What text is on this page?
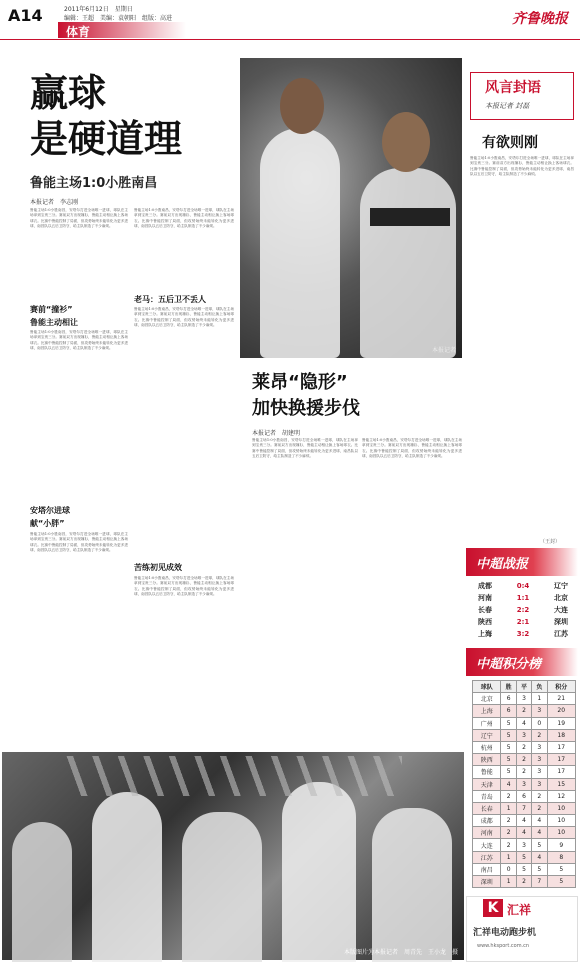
A14	2011年6月12日　星期日
编辑：王超　美编：袁朝阳　组版：高进
体育
齐鲁晚报
赢球
是硬道理
鲁能主场1:0小胜南昌
本报记者　李志刚
鲁能主场1:0小胜南昌，安塔尔打进全场唯一进球，球队在主场拿到宝贵三分。赛前双方出现撞衫，鲁能主动相让换上客场球衣。比赛中鲁能控制了局面，但攻势始终未能转化为更多进球，南昌队以五后卫防守，给主队制造了不少麻烦。
赛前“撞衫”
鲁能主动相让
鲁能主场1:0小胜南昌，安塔尔打进全场唯一进球，球队在主场拿到宝贵三分。赛前双方出现撞衫，鲁能主动相让换上客场球衣。比赛中鲁能控制了局面，但攻势始终未能转化为更多进球，南昌队以五后卫防守，给主队制造了不少麻烦。
安塔尔进球
献“小胖”
鲁能主场1:0小胜南昌，安塔尔打进全场唯一进球，球队在主场拿到宝贵三分。赛前双方出现撞衫，鲁能主动相让换上客场球衣。比赛中鲁能控制了局面，但攻势始终未能转化为更多进球，南昌队以五后卫防守，给主队制造了不少麻烦。
鲁能主场1:0小胜南昌，安塔尔打进全场唯一进球，球队在主场拿到宝贵三分。赛前双方出现撞衫，鲁能主动相让换上客场球衣。比赛中鲁能控制了局面，但攻势始终未能转化为更多进球，南昌队以五后卫防守，给主队制造了不少麻烦。
老马：五后卫不丢人
鲁能主场1:0小胜南昌，安塔尔打进全场唯一进球，球队在主场拿到宝贵三分。赛前双方出现撞衫，鲁能主动相让换上客场球衣。比赛中鲁能控制了局面，但攻势始终未能转化为更多进球，南昌队以五后卫防守，给主队制造了不少麻烦。
苦练初见成效
鲁能主场1:0小胜南昌，安塔尔打进全场唯一进球，球队在主场拿到宝贵三分。赛前双方出现撞衫，鲁能主动相让换上客场球衣。比赛中鲁能控制了局面，但攻势始终未能转化为更多进球，南昌队以五后卫防守，给主队制造了不少麻烦。
本报记者
莱昂“隐形”
加快换援步伐
本报记者　胡建明
鲁能主场1:0小胜南昌，安塔尔打进全场唯一进球，球队在主场拿到宝贵三分。赛前双方出现撞衫，鲁能主动相让换上客场球衣。比赛中鲁能控制了局面，但攻势始终未能转化为更多进球，南昌队以五后卫防守，给主队制造了不少麻烦。
鲁能主场1:0小胜南昌，安塔尔打进全场唯一进球，球队在主场拿到宝贵三分。赛前双方出现撞衫，鲁能主动相让换上客场球衣。比赛中鲁能控制了局面，但攻势始终未能转化为更多进球，南昌队以五后卫防守，给主队制造了不少麻烦。
风言封语
本报记者 封磊
有欲则刚
鲁能主场1:0小胜南昌，安塔尔打进全场唯一进球，球队在主场拿到宝贵三分。赛前双方出现撞衫，鲁能主动相让换上客场球衣。比赛中鲁能控制了局面，但攻势始终未能转化为更多进球，南昌队以五后卫防守，给主队制造了不少麻烦。
（王封）
中超战报
成都	0:4	辽宁
河南	1:1	北京
长春	2:2	大连
陕西	2:1	深圳
上海	3:2	江苏
中超积分榜
球队	胜	平	负	积分
北京	6	3	1	21
上海	6	2	3	20
广州	5	4	0	19
辽宁	5	3	2	18
杭州	5	2	3	17
陕西	5	2	3	17
鲁能	5	2	3	17
天津	4	3	3	15
青岛	2	6	2	12
长春	1	7	2	10
成都	2	4	4	10
河南	2	4	4	10
大连	2	3	5	9
江苏	1	5	4	8
南昌	0	5	5	5
深圳	1	2	7	5
本版图片为本报记者　周青先　王小龙　摄
汇祥
K
汇祥电动跑步机
www.hksport.com.cn
